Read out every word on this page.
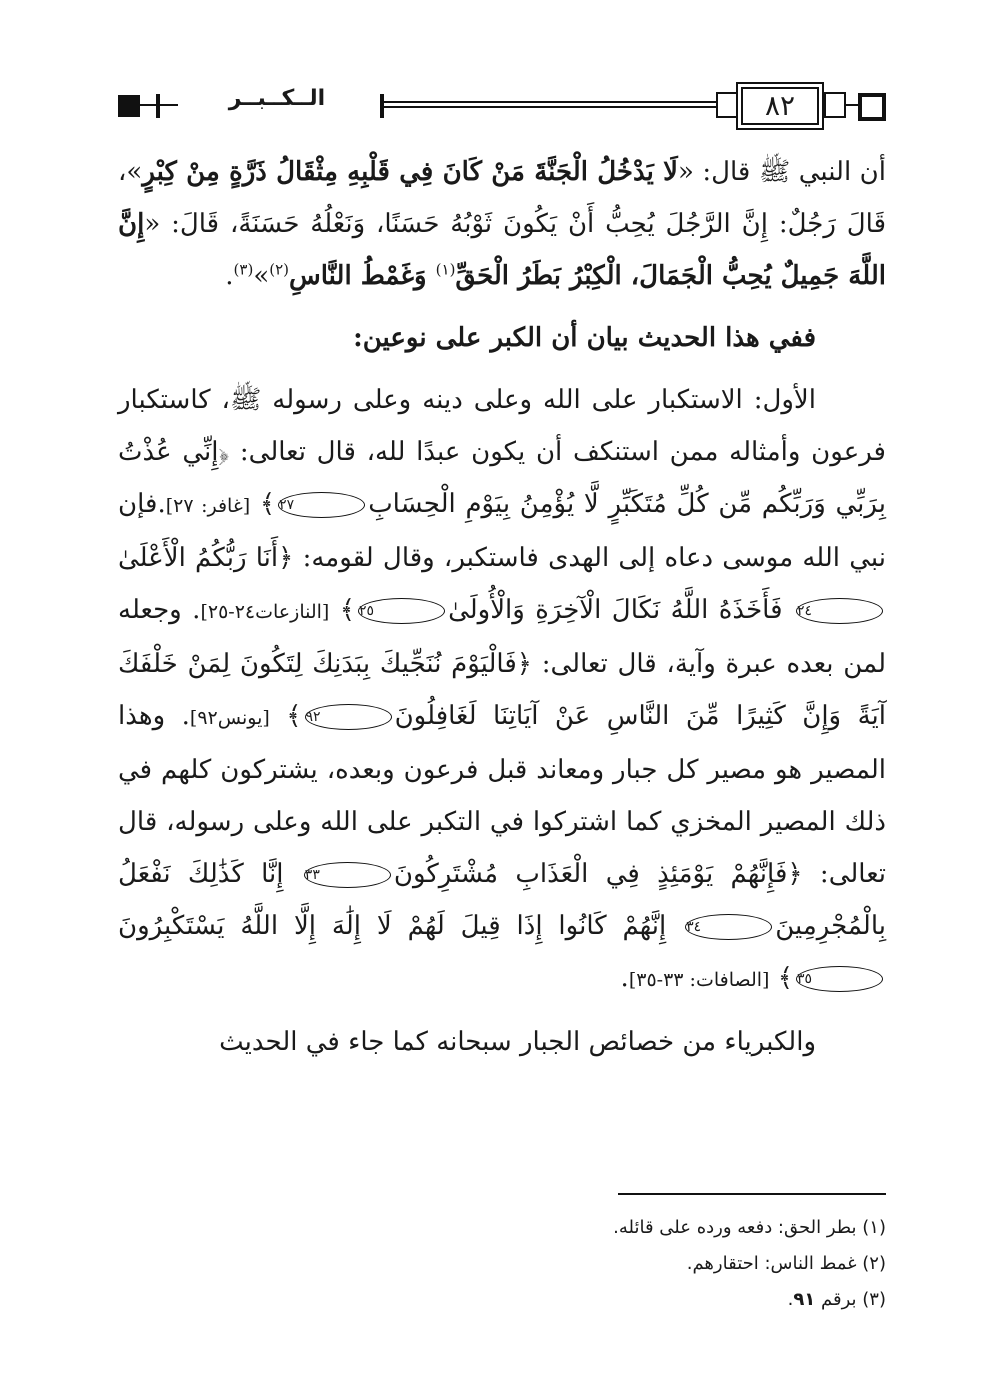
الــكــبــر	٨٢

أن النبي ﷺ قال: «لَا يَدْخُلُ الْجَنَّةَ مَنْ كَانَ فِي قَلْبِهِ مِثْقَالُ ذَرَّةٍ مِنْ كِبْرٍ»، قَالَ رَجُلٌ: إِنَّ الرَّجُلَ يُحِبُّ أَنْ يَكُونَ ثَوْبُهُ حَسَنًا، وَنَعْلُهُ حَسَنَةً، قَالَ: «إِنَّ اللَّهَ جَمِيلٌ يُحِبُّ الْجَمَالَ، الْكِبْرُ بَطَرُ الْحَقِّ$^{(١)}$ وَغَمْطُ النَّاسِ$^{(٢)}$»$^{(٣)}$.

ففي هذا الحديث بيان أن الكبر على نوعين:

الأول: الاستكبار على الله وعلى دينه وعلى رسوله ﷺ، كاستكبار فرعون وأمثاله ممن استنكف أن يكون عبدًا لله، قال تعالى: ﴿إِنِّي عُذْتُ بِرَبِّي وَرَبِّكُم مِّن كُلِّ مُتَكَبِّرٍ لَّا يُؤْمِنُ بِيَوْمِ الْحِسَابِ٢٧﴾ [غافر: ٢٧].فإن نبي الله موسى دعاه إلى الهدى فاستكبر، وقال لقومه: ﴿أَنَا رَبُّكُمُ الْأَعْلَىٰ٢٤ فَأَخَذَهُ اللَّهُ نَكَالَ الْآخِرَةِ وَالْأُولَىٰ٢٥﴾ [النازعات٢٤-٢٥]. وجعله لمن بعده عبرة وآية، قال تعالى: ﴿فَالْيَوْمَ نُنَجِّيكَ بِبَدَنِكَ لِتَكُونَ لِمَنْ خَلْفَكَ آيَةً وَإِنَّ كَثِيرًا مِّنَ النَّاسِ عَنْ آيَاتِنَا لَغَافِلُونَ٩٢﴾ [يونس٩٢]. وهذا المصير هو مصير كل جبار ومعاند قبل فرعون وبعده، يشتركون كلهم في ذلك المصير المخزي كما اشتركوا في التكبر على الله وعلى رسوله، قال تعالى: ﴿فَإِنَّهُمْ يَوْمَئِذٍ فِي الْعَذَابِ مُشْتَرِكُونَ٣٣ إِنَّا كَذَٰلِكَ نَفْعَلُ بِالْمُجْرِمِينَ٣٤ إِنَّهُمْ كَانُوا إِذَا قِيلَ لَهُمْ لَا إِلَٰهَ إِلَّا اللَّهُ يَسْتَكْبِرُونَ٣٥﴾ [الصافات: ٣٣-٣٥].

والكبرياء من خصائص الجبار سبحانه كما جاء في الحديث

(١) بطر الحق: دفعه ورده على قائله.
(٢) غمط الناس: احتقارهم.
(٣) برقم ٩١.
